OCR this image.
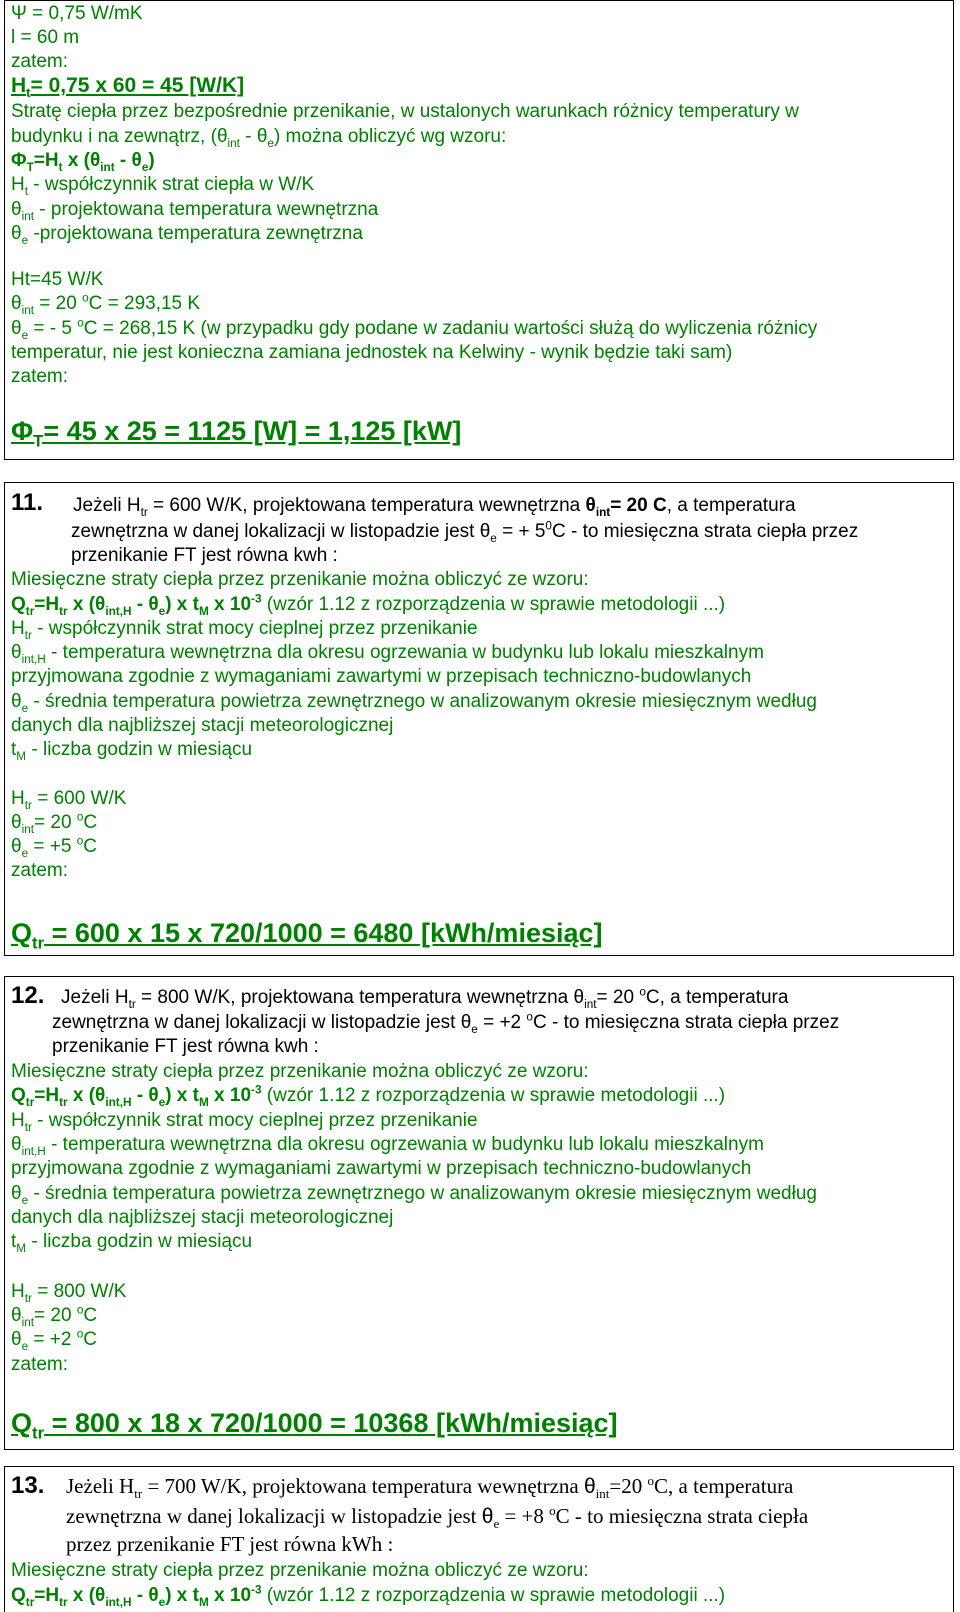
Ψ = 0,75 W/mK
l = 60 m
zatem:
$H_t= 0,75$ x 60 = 45 [W/K]
Stratę ciepła przez bezpośrednie przenikanie, w ustalonych warunkach różnicy temperatury w
budynku i na zewnątrz, $(\theta_{int} - \theta_e)$ można obliczyć wg wzoru:
$\Phi_T=H_t$ x $(\theta_{int} - \theta_e)$
$H_t$ - współczynnik strat ciepła w W/K
$\theta_{int}$ - projektowana temperatura wewnętrzna
$\theta_e$ -projektowana temperatura zewnętrzna
Ht=45 W/K
$\theta_{int} = 20$ $^o$C = 293,15 K
$\theta_e$ = - 5 $^o$C = 268,15 K (w przypadku gdy podane w zadaniu wartości służą do wyliczenia różnicy
temperatur, nie jest konieczna zamiana jednostek na Kelwiny - wynik będzie taki sam)
zatem:
$\Phi_T= 45$ x 25 = 1125 [W] = 1,125 [kW]
11. Jeżeli $H_{tr} = 600$ W/K, projektowana temperatura wewnętrzna $\theta_{int}= 20$ C, a temperatura
zewnętrzna w danej lokalizacji w listopadzie jest $\theta_e$ = + $5^0C$ - to miesięczna strata ciepła przez
przenikanie FT jest równa kwh :
Miesięczne straty ciepła przez przenikanie można obliczyć ze wzoru:
$Q_{tr}=H_{tr}$ x $(\theta_{int,H} - \theta_e)$ x $t_M$ x $10^{-3}$ (wzór 1.12 z rozporządzenia w sprawie metodologii ...)
$H_{tr}$ - współczynnik strat mocy cieplnej przez przenikanie
$\theta_{int,H}$ - temperatura wewnętrzna dla okresu ogrzewania w budynku lub lokalu mieszkalnym
przyjmowana zgodnie z wymaganiami zawartymi w przepisach techniczno-budowlanych
$\theta_e$ - średnia temperatura powietrza zewnętrznego w analizowanym okresie miesięcznym według
danych dla najbliższej stacji meteorologicznej
$t_M$ - liczba godzin w miesiącu
$H_{tr} = 600$ W/K
$\theta_{int}= 20$ $^o$C
$\theta_e = +5$ $^o$C
zatem:
$Q_{tr} = 600$ x 15 x 720/1000 = 6480 [kWh/miesiąc]
12. Jeżeli $H_{tr} = 800$ W/K, projektowana temperatura wewnętrzna $\theta_{int}= 20$ $^o$C, a temperatura
zewnętrzna w danej lokalizacji w listopadzie jest $\theta_e = +2$ $^o$C - to miesięczna strata ciepła przez
przenikanie FT jest równa kwh :
Miesięczne straty ciepła przez przenikanie można obliczyć ze wzoru:
$Q_{tr}=H_{tr}$ x $(\theta_{int,H} - \theta_e)$ x $t_M$ x $10^{-3}$ (wzór 1.12 z rozporządzenia w sprawie metodologii ...)
$H_{tr}$ - współczynnik strat mocy cieplnej przez przenikanie
$\theta_{int,H}$ - temperatura wewnętrzna dla okresu ogrzewania w budynku lub lokalu mieszkalnym
przyjmowana zgodnie z wymaganiami zawartymi w przepisach techniczno-budowlanych
$\theta_e$ - średnia temperatura powietrza zewnętrznego w analizowanym okresie miesięcznym według
danych dla najbliższej stacji meteorologicznej
$t_M$ - liczba godzin w miesiącu
$H_{tr} = 800$ W/K
$\theta_{int}= 20$ $^o$C
$\theta_e = +2$ $^o$C
zatem:
$Q_{tr} = 800$ x 18 x 720/1000 = 10368 [kWh/miesiąc]
13. Jeżeli $H_{tr} = 700$ W/K, projektowana temperatura wewnętrzna $\theta_{int}=20$ $^o$C, a temperatura
zewnętrzna w danej lokalizacji w listopadzie jest $\theta_e = +8$ $^o$C - to miesięczna strata ciepła
przez przenikanie FT jest równa kWh :
Miesięczne straty ciepła przez przenikanie można obliczyć ze wzoru:
$Q_{tr}=H_{tr}$ x $(\theta_{int,H} - \theta_e)$ x $t_M$ x $10^{-3}$ (wzór 1.12 z rozporządzenia w sprawie metodologii ...)
